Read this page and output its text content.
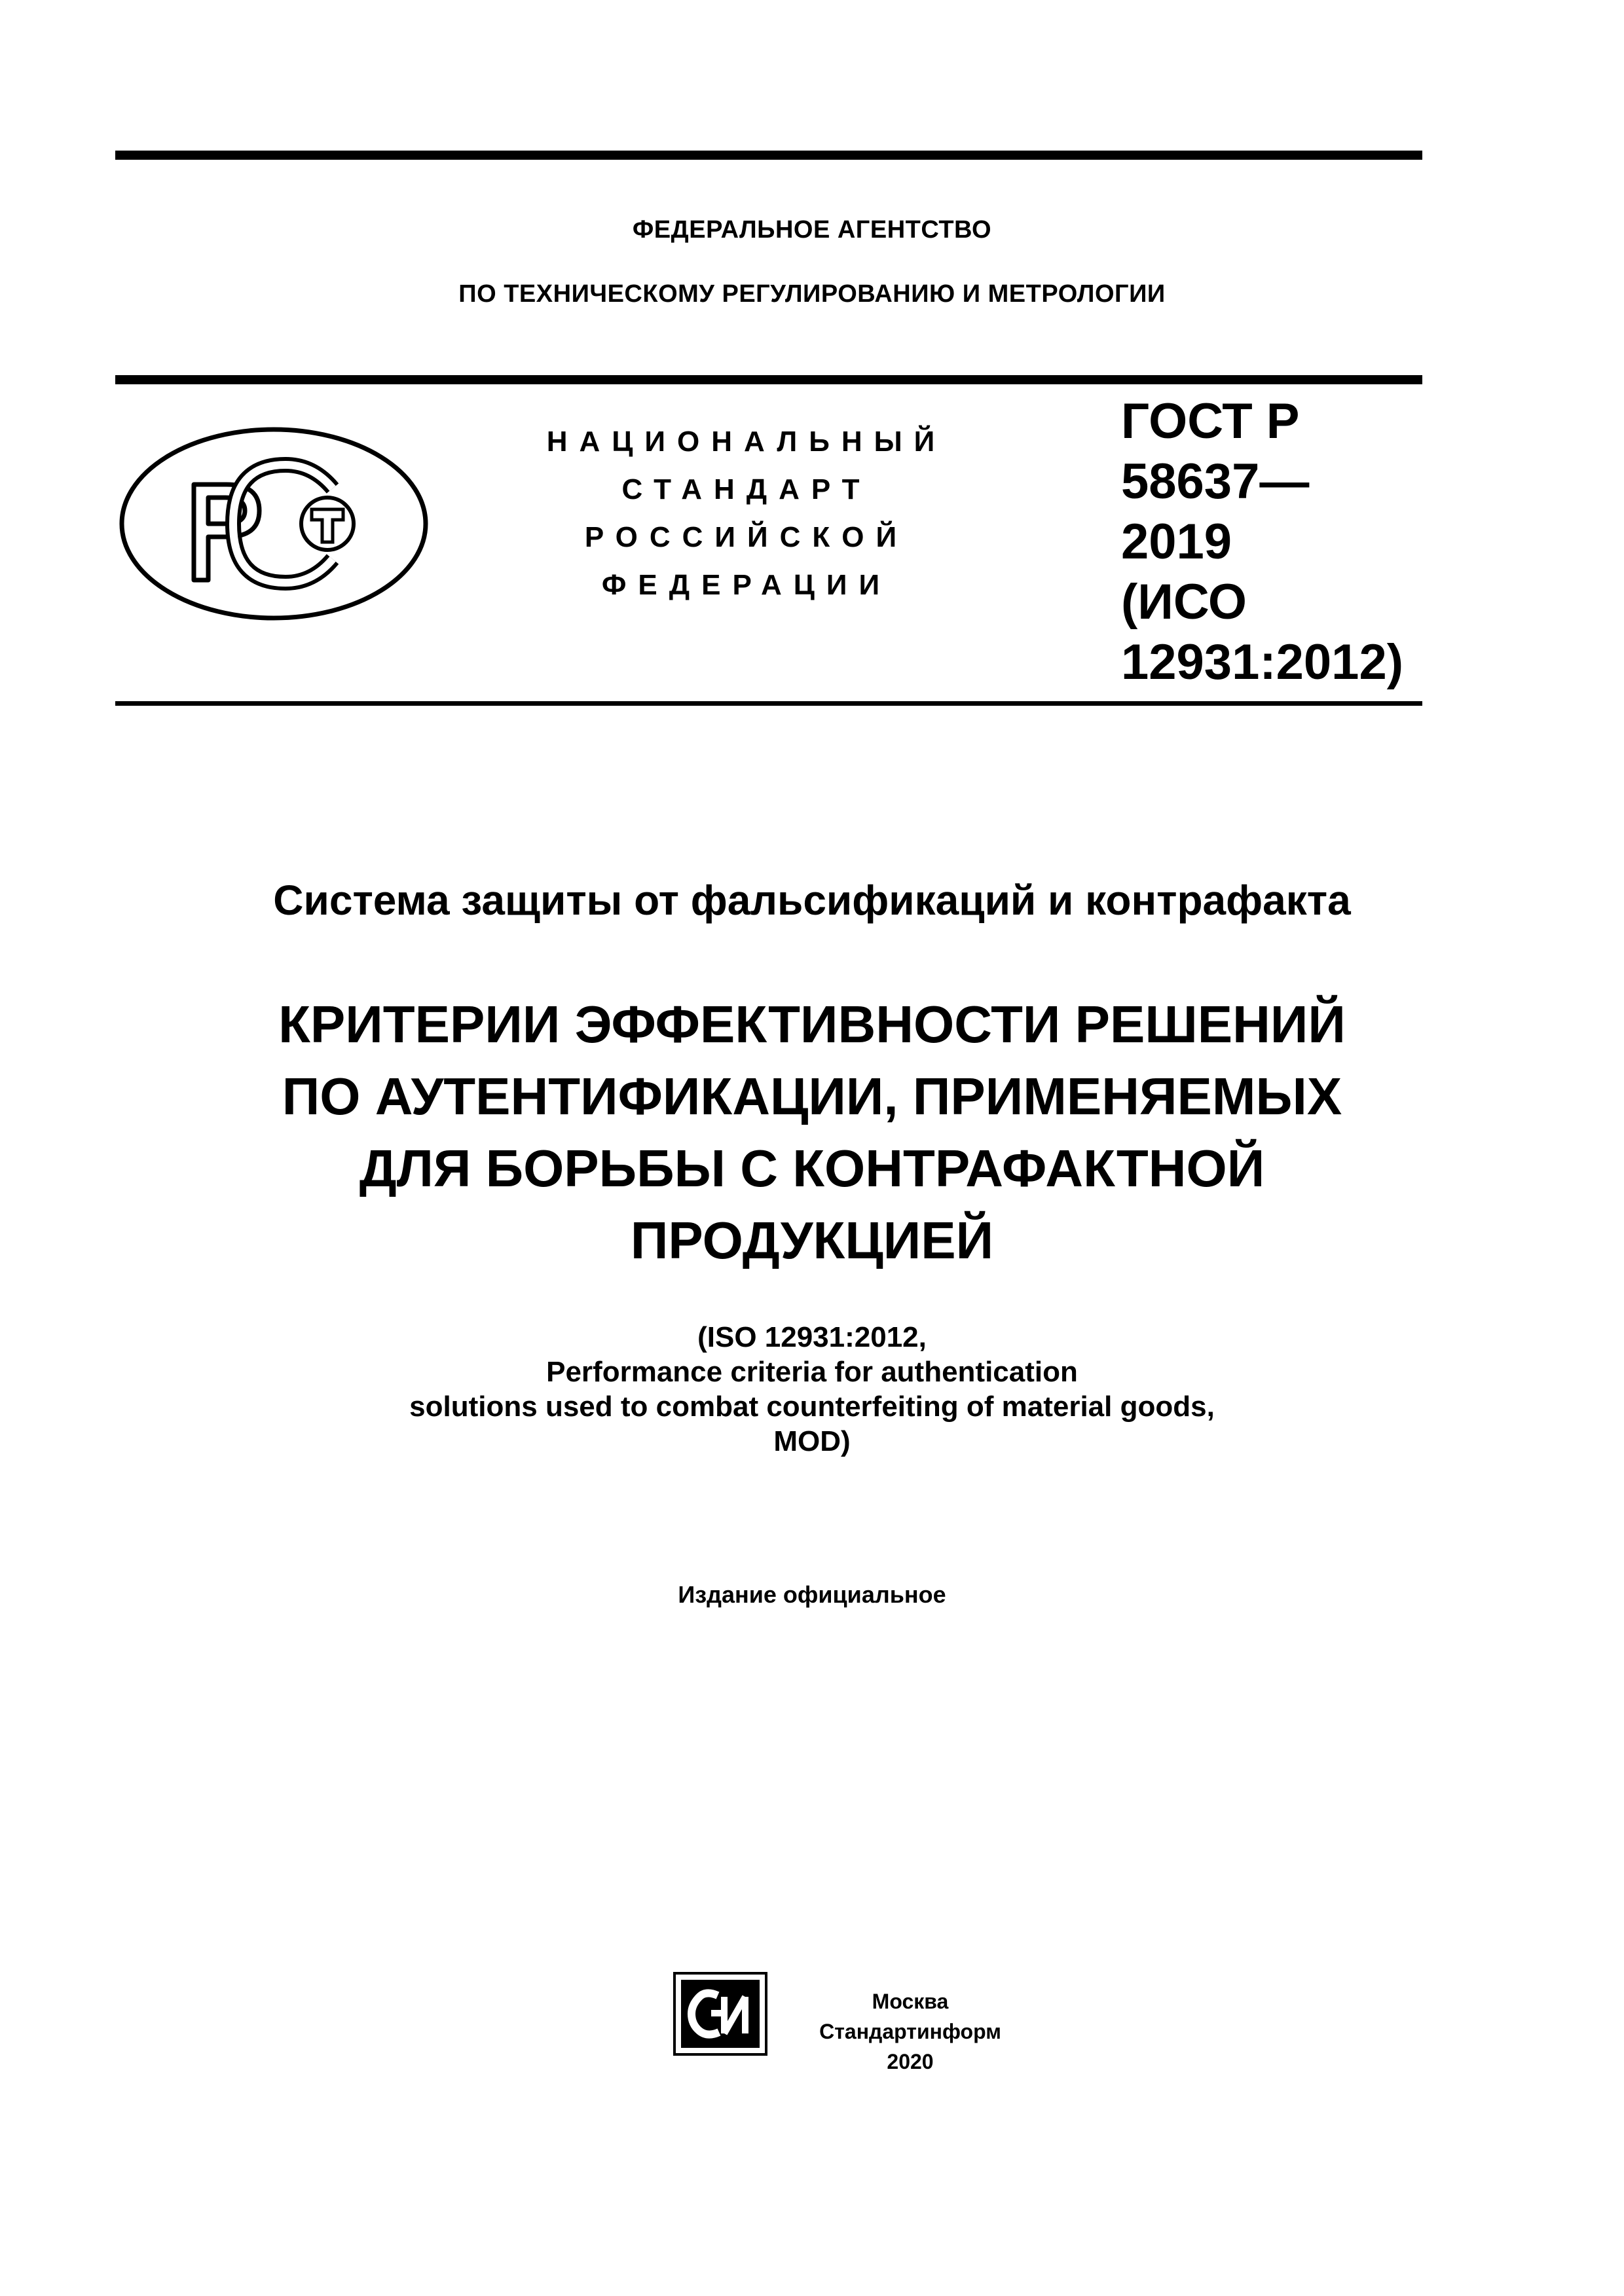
ФЕДЕРАЛЬНОЕ АГЕНТСТВО
ПО ТЕХНИЧЕСКОМУ РЕГУЛИРОВАНИЮ И МЕТРОЛОГИИ
НАЦИОНАЛЬНЫЙ
СТАНДАРТ
РОССИЙСКОЙ
ФЕДЕРАЦИИ
ГОСТ Р
58637—
2019
(ИСО
12931:2012)
Система защиты от фальсификаций и контрафакта
КРИТЕРИИ ЭФФЕКТИВНОСТИ РЕШЕНИЙ
ПО АУТЕНТИФИКАЦИИ, ПРИМЕНЯЕМЫХ
ДЛЯ БОРЬБЫ С КОНТРАФАКТНОЙ
ПРОДУКЦИЕЙ
(ISO 12931:2012,
Performance criteria for authentication
solutions used to combat counterfeiting of material goods,
MOD)
Издание официальное
Москва
Стандартинформ
2020
